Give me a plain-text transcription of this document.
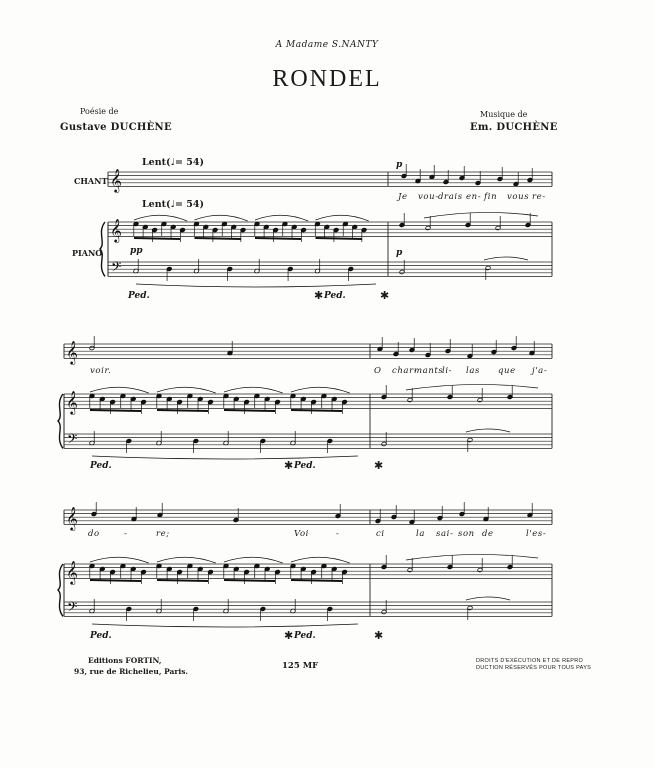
𝄞
𝄞
𝄢
𝄞
𝄞
𝄢
𝄞
𝄞
𝄢
A Madame S.NANTY
RONDEL
Poésie de
Gustave DUCHÈNE
Musique de
Em. DUCHÈNE
CHANT
PIANO
Lent(♩= 54)
Lent(♩= 54)
pp
p
p
Je vou- drais en- fin vous re-
voir.	O char-
mants
li- las que j'a-
do	-	re;	Voi	-	ci	la sai- son de	l'es-
Ped.	✱ Ped.	✱
Ped.	✱ Ped.	✱
Ped.	✱ Ped.	✱
Editions FORTIN,
93, rue de Richelieu, Paris.
125 MF	DROITS D'EXÉCUTION ET DE REPRO
DUCTION RÉSERVÉS POUR TOUS PAYS
